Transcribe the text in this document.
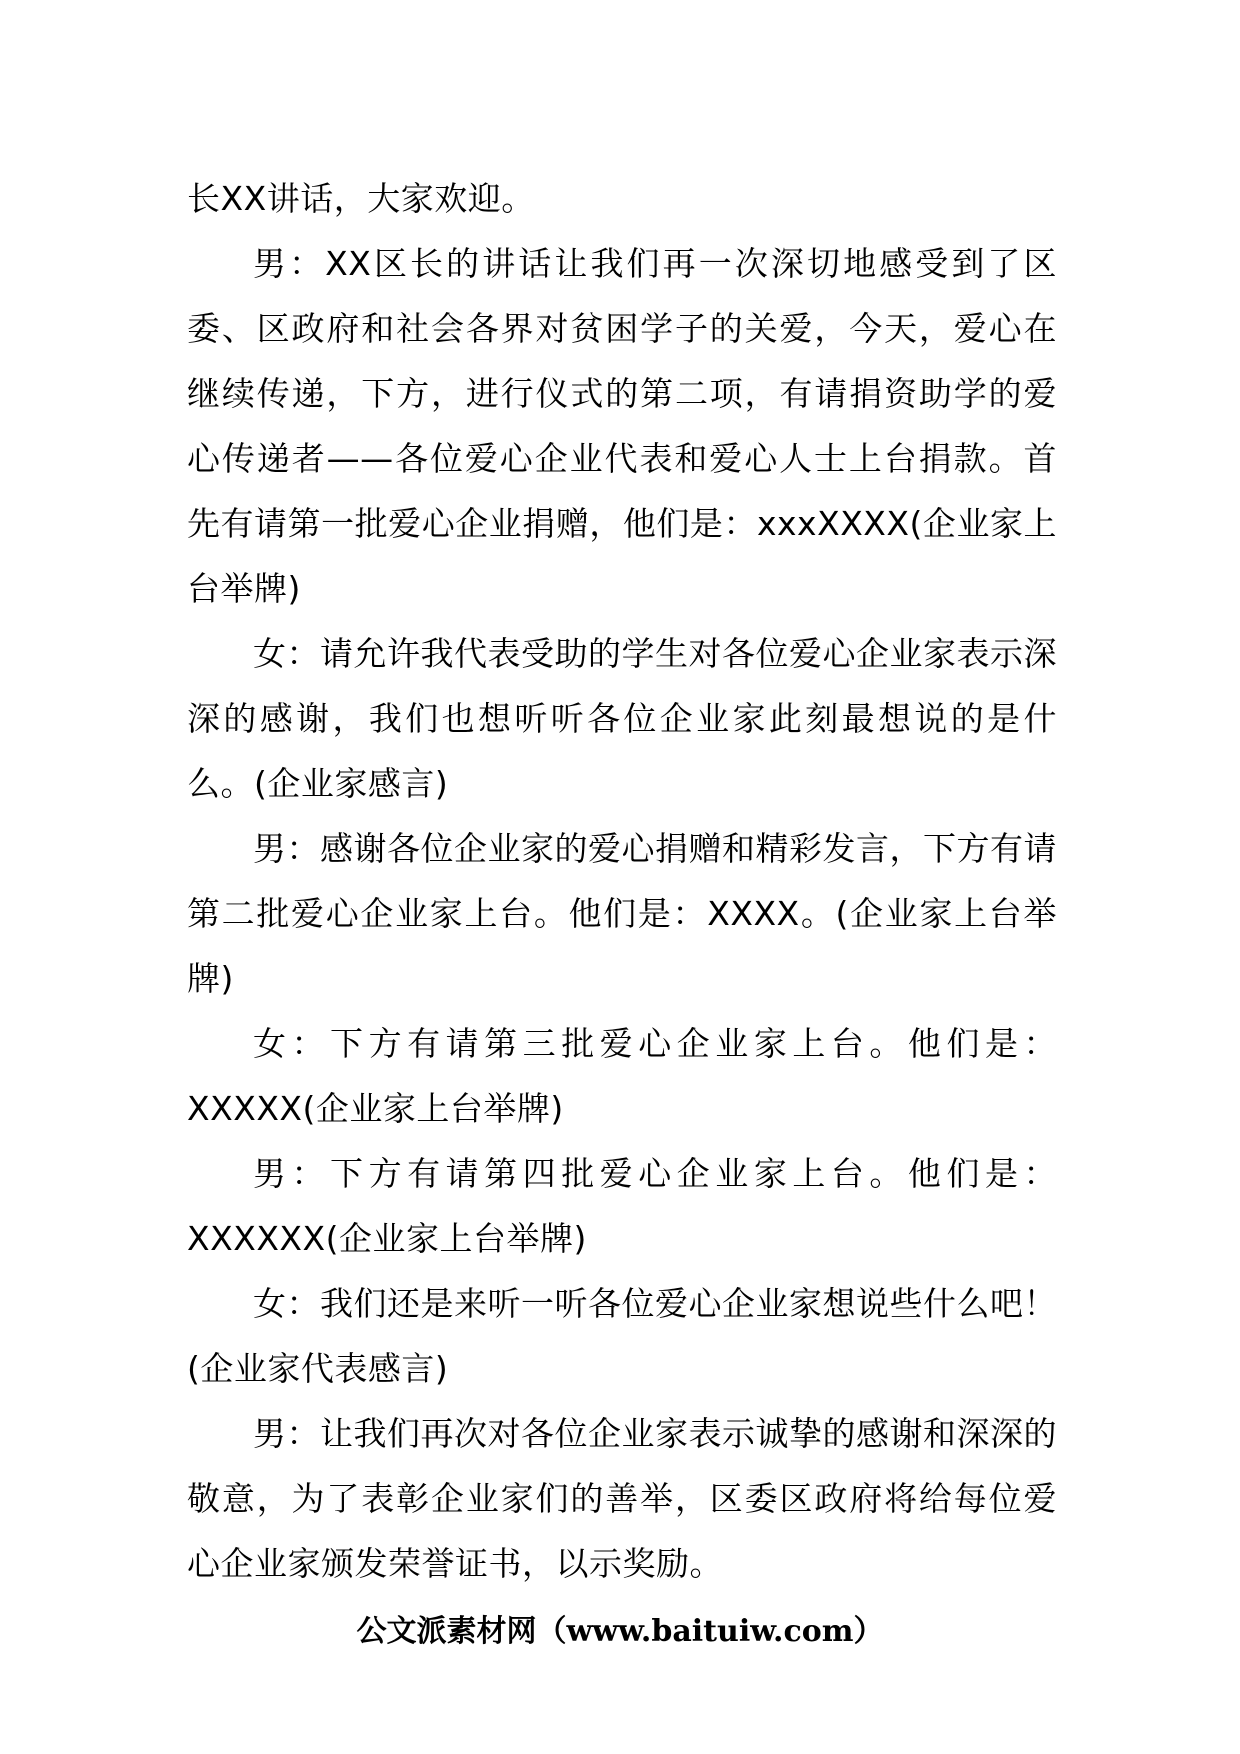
长XX讲话，大家欢迎。

男：XX区长的讲话让我们再一次深切地感受到了区委、区政府和社会各界对贫困学子的关爱，今天，爱心在继续传递，下方，进行仪式的第二项，有请捐资助学的爱心传递者——各位爱心企业代表和爱心人士上台捐款。首先有请第一批爱心企业捐赠，他们是：xxxXXXX(企业家上台举牌)

女：请允许我代表受助的学生对各位爱心企业家表示深深的感谢，我们也想听听各位企业家此刻最想说的是什么。(企业家感言)

男：感谢各位企业家的爱心捐赠和精彩发言，下方有请第二批爱心企业家上台。他们是：XXXX。(企业家上台举牌)

女：下方有请第三批爱心企业家上台。他们是：XXXXX(企业家上台举牌)

男：下方有请第四批爱心企业家上台。他们是：XXXXXX(企业家上台举牌)

女：我们还是来听一听各位爱心企业家想说些什么吧！(企业家代表感言)

男：让我们再次对各位企业家表示诚挚的感谢和深深的敬意，为了表彰企业家们的善举，区委区政府将给每位爱心企业家颁发荣誉证书，以示奖励。

公文派素材网（www.baituiw.com）
